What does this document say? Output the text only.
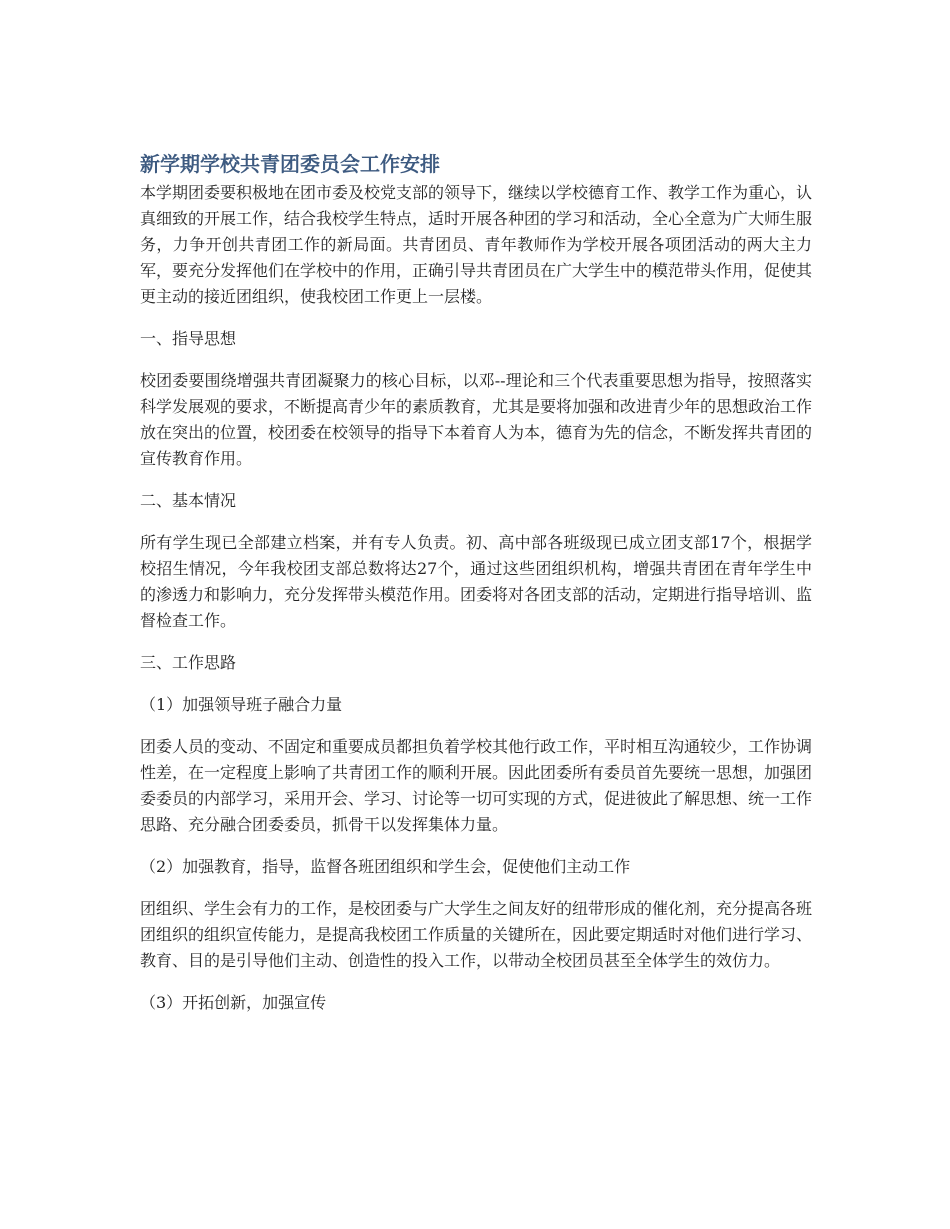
新学期学校共青团委员会工作安排

本学期团委要积极地在团市委及校党支部的领导下，继续以学校德育工作、教学工作为重心，认真细致的开展工作，结合我校学生特点，适时开展各种团的学习和活动，全心全意为广大师生服务，力争开创共青团工作的新局面。共青团员、青年教师作为学校开展各项团活动的两大主力军，要充分发挥他们在学校中的作用，正确引导共青团员在广大学生中的模范带头作用，促使其更主动的接近团组织，使我校团工作更上一层楼。

一、指导思想

校团委要围绕增强共青团凝聚力的核心目标，以邓--理论和三个代表重要思想为指导，按照落实科学发展观的要求，不断提高青少年的素质教育，尤其是要将加强和改进青少年的思想政治工作放在突出的位置，校团委在校领导的指导下本着育人为本，德育为先的信念，不断发挥共青团的宣传教育作用。

二、基本情况

所有学生现已全部建立档案，并有专人负责。初、高中部各班级现已成立团支部17个，根据学校招生情况，今年我校团支部总数将达27个，通过这些团组织机构，增强共青团在青年学生中的渗透力和影响力，充分发挥带头模范作用。团委将对各团支部的活动，定期进行指导培训、监督检查工作。

三、工作思路

（1）加强领导班子融合力量

团委人员的变动、不固定和重要成员都担负着学校其他行政工作，平时相互沟通较少，工作协调性差，在一定程度上影响了共青团工作的顺利开展。因此团委所有委员首先要统一思想，加强团委委员的内部学习，采用开会、学习、讨论等一切可实现的方式，促进彼此了解思想、统一工作思路、充分融合团委委员，抓骨干以发挥集体力量。

（2）加强教育，指导，监督各班团组织和学生会，促使他们主动工作

团组织、学生会有力的工作，是校团委与广大学生之间友好的纽带形成的催化剂，充分提高各班团组织的组织宣传能力，是提高我校团工作质量的关键所在，因此要定期适时对他们进行学习、教育、目的是引导他们主动、创造性的投入工作，以带动全校团员甚至全体学生的效仿力。

（3）开拓创新，加强宣传
